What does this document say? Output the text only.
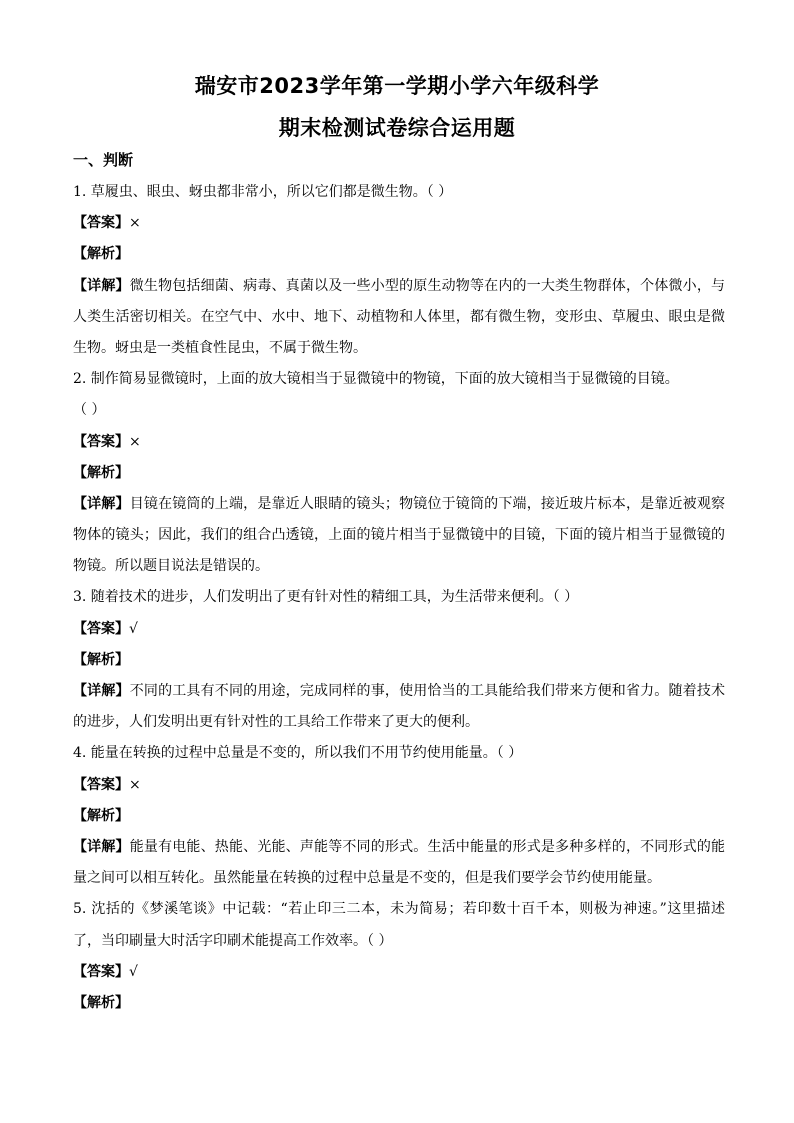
瑞安市2023学年第一学期小学六年级科学
期末检测试卷综合运用题
一、判断
1. 草履虫、眼虫、蚜虫都非常小，所以它们都是微生物。（ ）
【答案】×
【解析】
【详解】微生物包括细菌、病毒、真菌以及一些小型的原生动物等在内的一大类生物群体，个体微小，与
人类生活密切相关。在空气中、水中、地下、动植物和人体里，都有微生物，变形虫、草履虫、眼虫是微
生物。蚜虫是一类植食性昆虫，不属于微生物。
2. 制作简易显微镜时，上面的放大镜相当于显微镜中的物镜，下面的放大镜相当于显微镜的目镜。
（ ）
【答案】×
【解析】
【详解】目镜在镜筒的上端，是靠近人眼睛的镜头；物镜位于镜筒的下端，接近玻片标本，是靠近被观察
物体的镜头；因此，我们的组合凸透镜，上面的镜片相当于显微镜中的目镜，下面的镜片相当于显微镜的
物镜。所以题目说法是错误的。
3. 随着技术的进步，人们发明出了更有针对性的精细工具，为生活带来便利。（ ）
【答案】√
【解析】
【详解】不同的工具有不同的用途，完成同样的事，使用恰当的工具能给我们带来方便和省力。随着技术
的进步，人们发明出更有针对性的工具给工作带来了更大的便利。
4. 能量在转换的过程中总量是不变的，所以我们不用节约使用能量。（ ）
【答案】×
【解析】
【详解】能量有电能、热能、光能、声能等不同的形式。生活中能量的形式是多种多样的，不同形式的能
量之间可以相互转化。虽然能量在转换的过程中总量是不变的，但是我们要学会节约使用能量。
5. 沈括的《梦溪笔谈》中记载：“若止印三二本，未为简易；若印数十百千本，则极为神速。”这里描述
了，当印刷量大时活字印刷术能提高工作效率。（ ）
【答案】√
【解析】
